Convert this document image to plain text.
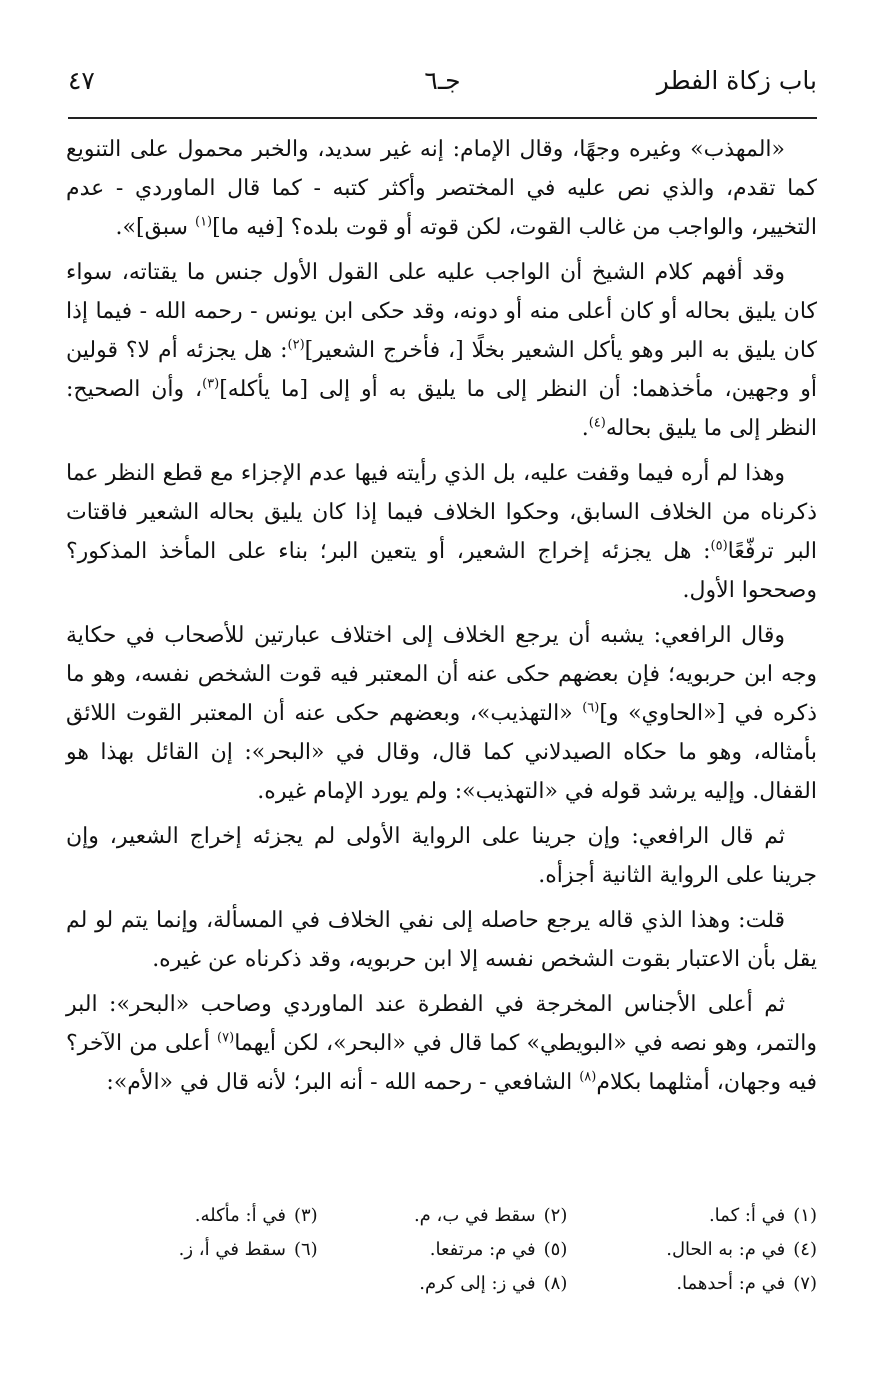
باب زكاة الفطر
جـ٦
٤٧

«المهذب» وغيره وجهًا، وقال الإمام: إنه غير سديد، والخبر محمول على التنويع كما تقدم، والذي نص عليه في المختصر وأكثر كتبه - كما قال الماوردي - عدم التخيير، والواجب من غالب القوت، لكن قوته أو قوت بلده؟ [فيه ما]$^{(١)}$ سبق]».

وقد أفهم كلام الشيخ أن الواجب عليه على القول الأول جنس ما يقتاته، سواء كان يليق بحاله أو كان أعلى منه أو دونه، وقد حكى ابن يونس - رحمه الله - فيما إذا كان يليق به البر وهو يأكل الشعير بخلًا [، فأخرج الشعير]$^{(٢)}$: هل يجزئه أم لا؟ قولين أو وجهين، مأخذهما: أن النظر إلى ما يليق به أو إلى [ما يأكله]$^{(٣)}$، وأن الصحيح: النظر إلى ما يليق بحاله$^{(٤)}$.

وهذا لم أره فيما وقفت عليه، بل الذي رأيته فيها عدم الإجزاء مع قطع النظر عما ذكرناه من الخلاف السابق، وحكوا الخلاف فيما إذا كان يليق بحاله الشعير فاقتات البر ترفّعًا$^{(٥)}$: هل يجزئه إخراج الشعير، أو يتعين البر؛ بناء على المأخذ المذكور؟ وصححوا الأول.

وقال الرافعي: يشبه أن يرجع الخلاف إلى اختلاف عبارتين للأصحاب في حكاية وجه ابن حربويه؛ فإن بعضهم حكى عنه أن المعتبر فيه قوت الشخص نفسه، وهو ما ذكره في [«الحاوي» و]$^{(٦)}$ «التهذيب»، وبعضهم حكى عنه أن المعتبر القوت اللائق بأمثاله، وهو ما حكاه الصيدلاني كما قال، وقال في «البحر»: إن القائل بهذا هو القفال. وإليه يرشد قوله في «التهذيب»: ولم يورد الإمام غيره.

ثم قال الرافعي: وإن جرينا على الرواية الأولى لم يجزئه إخراج الشعير، وإن جرينا على الرواية الثانية أجزأه.

قلت: وهذا الذي قاله يرجع حاصله إلى نفي الخلاف في المسألة، وإنما يتم لو لم يقل بأن الاعتبار بقوت الشخص نفسه إلا ابن حربويه، وقد ذكرناه عن غيره.

ثم أعلى الأجناس المخرجة في الفطرة عند الماوردي وصاحب «البحر»: البر والتمر، وهو نصه في «البويطي» كما قال في «البحر»، لكن أيهما$^{(٧)}$ أعلى من الآخر؟ فيه وجهان، أمثلهما بكلام$^{(٨)}$ الشافعي - رحمه الله - أنه البر؛ لأنه قال في «الأم»:

(١)في أ: كما.
(٢)سقط في ب، م.
(٣)في أ: مأكله.
(٤)في م: به الحال.
(٥)في م: مرتفعا.
(٦)سقط في أ، ز.
(٧)في م: أحدهما.
(٨)في ز: إلى كرم.
